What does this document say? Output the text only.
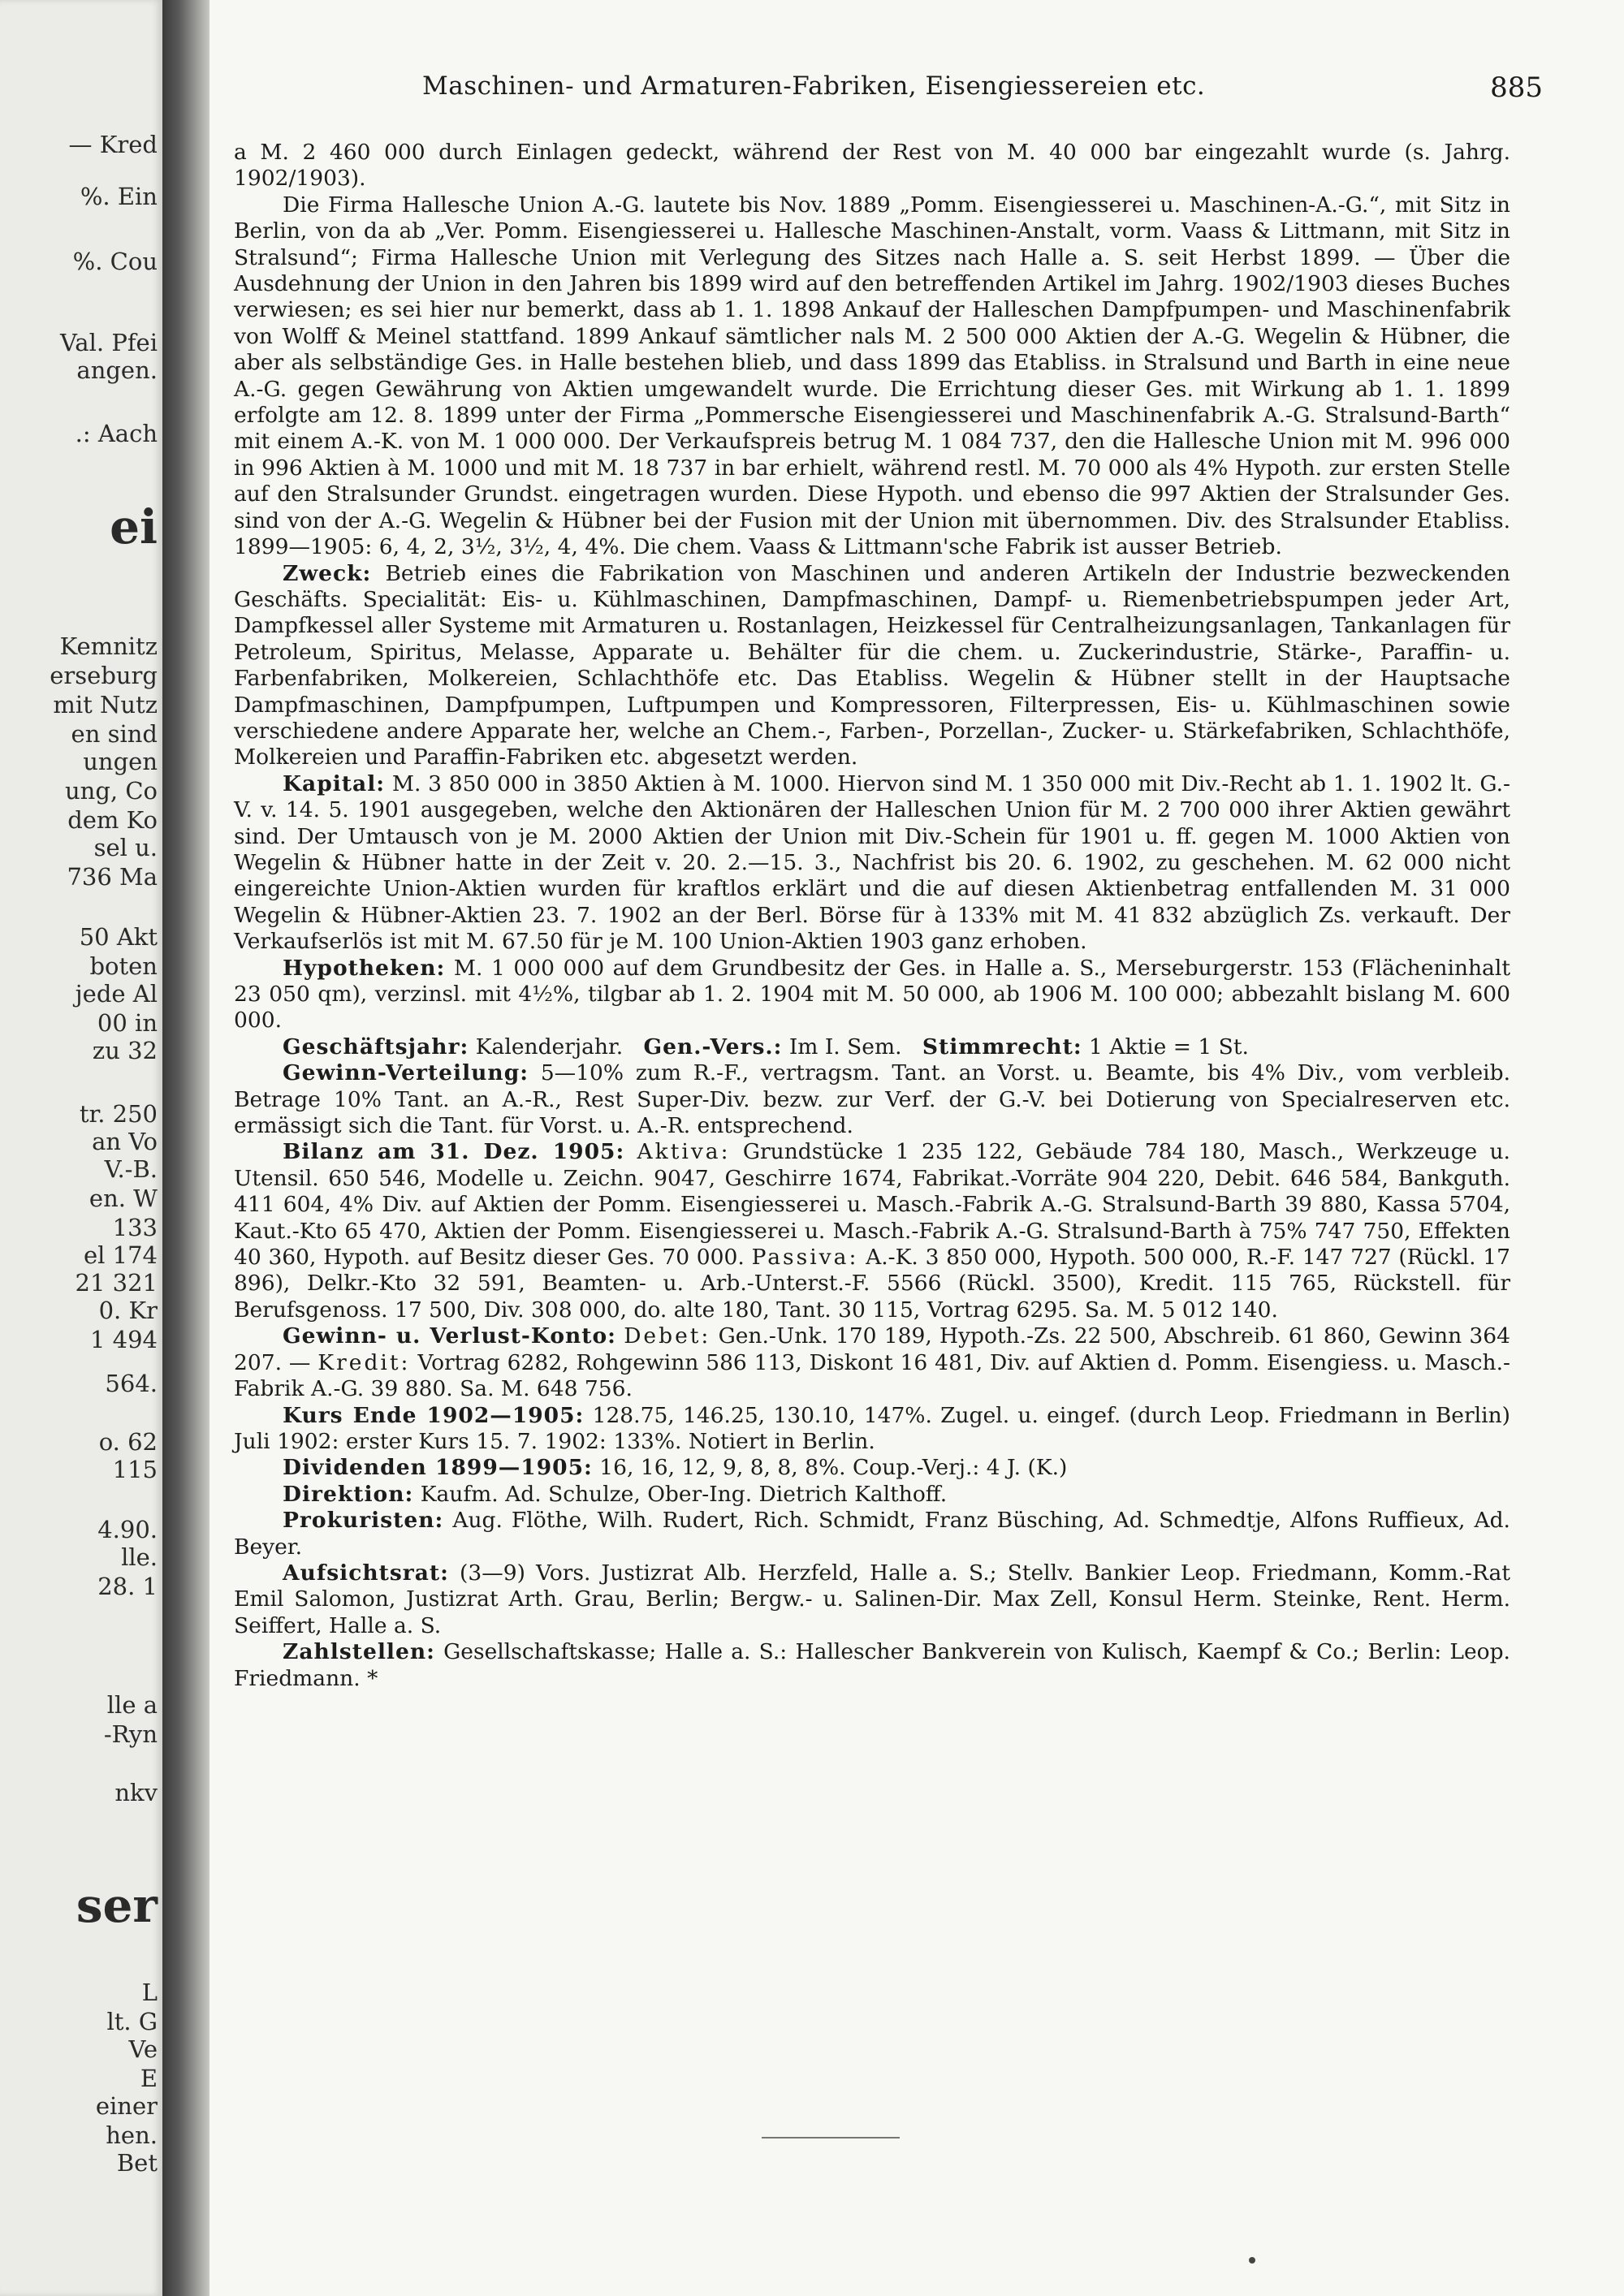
— Kred
%. Ein
%. Cou
Val. Pfei
angen.
.: Aach
ei
Kemnitz
erseburg
mit Nutz
en sind
ungen
ung, Co
dem Ko
sel u.
736 Ma
50 Akt
boten
jede Al
00 in
zu 32
tr. 250
an Vo
V.-B.
en. W
133
el 174
21 321
0. Kr
1 494
564.
o. 62
115
4.90.
lle.
28. 1
lle a
-Ryn
nkv
ser
L
lt. G
Ve
E
einer
hen.
Bet
Maschinen- und Armaturen-Fabriken, Eisengiessereien etc.	885

a M. 2 460 000 durch Einlagen gedeckt, während der Rest von M. 40 000 bar eingezahlt wurde (s. Jahrg. 1902/1903).

Die Firma Hallesche Union A.-G. lautete bis Nov. 1889 „Pomm. Eisengiesserei u. Maschinen-A.-G.“, mit Sitz in Berlin, von da ab „Ver. Pomm. Eisengiesserei u. Hallesche Maschinen-Anstalt, vorm. Vaass & Littmann, mit Sitz in Stralsund“; Firma Hallesche Union mit Verlegung des Sitzes nach Halle a. S. seit Herbst 1899. — Über die Ausdehnung der Union in den Jahren bis 1899 wird auf den betreffenden Artikel im Jahrg. 1902/1903 dieses Buches verwiesen; es sei hier nur bemerkt, dass ab 1. 1. 1898 Ankauf der Halleschen Dampfpumpen- und Maschinenfabrik von Wolff & Meinel stattfand. 1899 Ankauf sämtlicher nals M. 2 500 000 Aktien der A.-G. Wegelin & Hübner, die aber als selbständige Ges. in Halle bestehen blieb, und dass 1899 das Etabliss. in Stralsund und Barth in eine neue A.-G. gegen Gewährung von Aktien umgewandelt wurde. Die Errichtung dieser Ges. mit Wirkung ab 1. 1. 1899 erfolgte am 12. 8. 1899 unter der Firma „Pommersche Eisengiesserei und Maschinenfabrik A.-G. Stralsund-Barth“ mit einem A.-K. von M. 1 000 000. Der Verkaufspreis betrug M. 1 084 737, den die Hallesche Union mit M. 996 000 in 996 Aktien à M. 1000 und mit M. 18 737 in bar erhielt, während restl. M. 70 000 als 4% Hypoth. zur ersten Stelle auf den Stralsunder Grundst. eingetragen wurden. Diese Hypoth. und ebenso die 997 Aktien der Stralsunder Ges. sind von der A.-G. Wegelin & Hübner bei der Fusion mit der Union mit übernommen. Div. des Stralsunder Etabliss. 1899—1905: 6, 4, 2, 3½, 3½, 4, 4%. Die chem. Vaass & Littmann'sche Fabrik ist ausser Betrieb.

Zweck: Betrieb eines die Fabrikation von Maschinen und anderen Artikeln der Industrie bezweckenden Geschäfts. Specialität: Eis- u. Kühlmaschinen, Dampfmaschinen, Dampf- u. Riemenbetriebspumpen jeder Art, Dampfkessel aller Systeme mit Armaturen u. Rostanlagen, Heizkessel für Centralheizungsanlagen, Tankanlagen für Petroleum, Spiritus, Melasse, Apparate u. Behälter für die chem. u. Zuckerindustrie, Stärke-, Paraffin- u. Farbenfabriken, Molkereien, Schlachthöfe etc. Das Etabliss. Wegelin & Hübner stellt in der Hauptsache Dampfmaschinen, Dampfpumpen, Luftpumpen und Kompressoren, Filterpressen, Eis- u. Kühlmaschinen sowie verschiedene andere Apparate her, welche an Chem.-, Farben-, Porzellan-, Zucker- u. Stärkefabriken, Schlachthöfe, Molkereien und Paraffin-Fabriken etc. abgesetzt werden.

Kapital: M. 3 850 000 in 3850 Aktien à M. 1000. Hiervon sind M. 1 350 000 mit Div.-Recht ab 1. 1. 1902 lt. G.-V. v. 14. 5. 1901 ausgegeben, welche den Aktionären der Halleschen Union für M. 2 700 000 ihrer Aktien gewährt sind. Der Umtausch von je M. 2000 Aktien der Union mit Div.-Schein für 1901 u. ff. gegen M. 1000 Aktien von Wegelin & Hübner hatte in der Zeit v. 20. 2.—15. 3., Nachfrist bis 20. 6. 1902, zu geschehen. M. 62 000 nicht eingereichte Union-Aktien wurden für kraftlos erklärt und die auf diesen Aktienbetrag entfallenden M. 31 000 Wegelin & Hübner-Aktien 23. 7. 1902 an der Berl. Börse für à 133% mit M. 41 832 abzüglich Zs. verkauft. Der Verkaufserlös ist mit M. 67.50 für je M. 100 Union-Aktien 1903 ganz erhoben.

Hypotheken: M. 1 000 000 auf dem Grundbesitz der Ges. in Halle a. S., Merseburgerstr. 153 (Flächeninhalt 23 050 qm), verzinsl. mit 4½%, tilgbar ab 1. 2. 1904 mit M. 50 000, ab 1906 M. 100 000; abbezahlt bislang M. 600 000.

Geschäftsjahr: Kalenderjahr. Gen.-Vers.: Im I. Sem. Stimmrecht: 1 Aktie = 1 St.

Gewinn-Verteilung: 5—10% zum R.-F., vertragsm. Tant. an Vorst. u. Beamte, bis 4% Div., vom verbleib. Betrage 10% Tant. an A.-R., Rest Super-Div. bezw. zur Verf. der G.-V. bei Dotierung von Specialreserven etc. ermässigt sich die Tant. für Vorst. u. A.-R. entsprechend.

Bilanz am 31. Dez. 1905: Aktiva: Grundstücke 1 235 122, Gebäude 784 180, Masch., Werkzeuge u. Utensil. 650 546, Modelle u. Zeichn. 9047, Geschirre 1674, Fabrikat.-Vorräte 904 220, Debit. 646 584, Bankguth. 411 604, 4% Div. auf Aktien der Pomm. Eisengiesserei u. Masch.-Fabrik A.-G. Stralsund-Barth 39 880, Kassa 5704, Kaut.-Kto 65 470, Aktien der Pomm. Eisengiesserei u. Masch.-Fabrik A.-G. Stralsund-Barth à 75% 747 750, Effekten 40 360, Hypoth. auf Besitz dieser Ges. 70 000. Passiva: A.-K. 3 850 000, Hypoth. 500 000, R.-F. 147 727 (Rückl. 17 896), Delkr.-Kto 32 591, Beamten- u. Arb.-Unterst.-F. 5566 (Rückl. 3500), Kredit. 115 765, Rückstell. für Berufsgenoss. 17 500, Div. 308 000, do. alte 180, Tant. 30 115, Vortrag 6295. Sa. M. 5 012 140.

Gewinn- u. Verlust-Konto: Debet: Gen.-Unk. 170 189, Hypoth.-Zs. 22 500, Abschreib. 61 860, Gewinn 364 207. — Kredit: Vortrag 6282, Rohgewinn 586 113, Diskont 16 481, Div. auf Aktien d. Pomm. Eisengiess. u. Masch.-Fabrik A.-G. 39 880. Sa. M. 648 756.

Kurs Ende 1902—1905: 128.75, 146.25, 130.10, 147%. Zugel. u. eingef. (durch Leop. Friedmann in Berlin) Juli 1902: erster Kurs 15. 7. 1902: 133%. Notiert in Berlin.

Dividenden 1899—1905: 16, 16, 12, 9, 8, 8, 8%. Coup.-Verj.: 4 J. (K.)

Direktion: Kaufm. Ad. Schulze, Ober-Ing. Dietrich Kalthoff.

Prokuristen: Aug. Flöthe, Wilh. Rudert, Rich. Schmidt, Franz Büsching, Ad. Schmedtje, Alfons Ruffieux, Ad. Beyer.

Aufsichtsrat: (3—9) Vors. Justizrat Alb. Herzfeld, Halle a. S.; Stellv. Bankier Leop. Friedmann, Komm.-Rat Emil Salomon, Justizrat Arth. Grau, Berlin; Bergw.- u. Salinen-Dir. Max Zell, Konsul Herm. Steinke, Rent. Herm. Seiffert, Halle a. S.

Zahlstellen: Gesellschaftskasse; Halle a. S.: Hallescher Bankverein von Kulisch, Kaempf & Co.; Berlin: Leop. Friedmann. *
